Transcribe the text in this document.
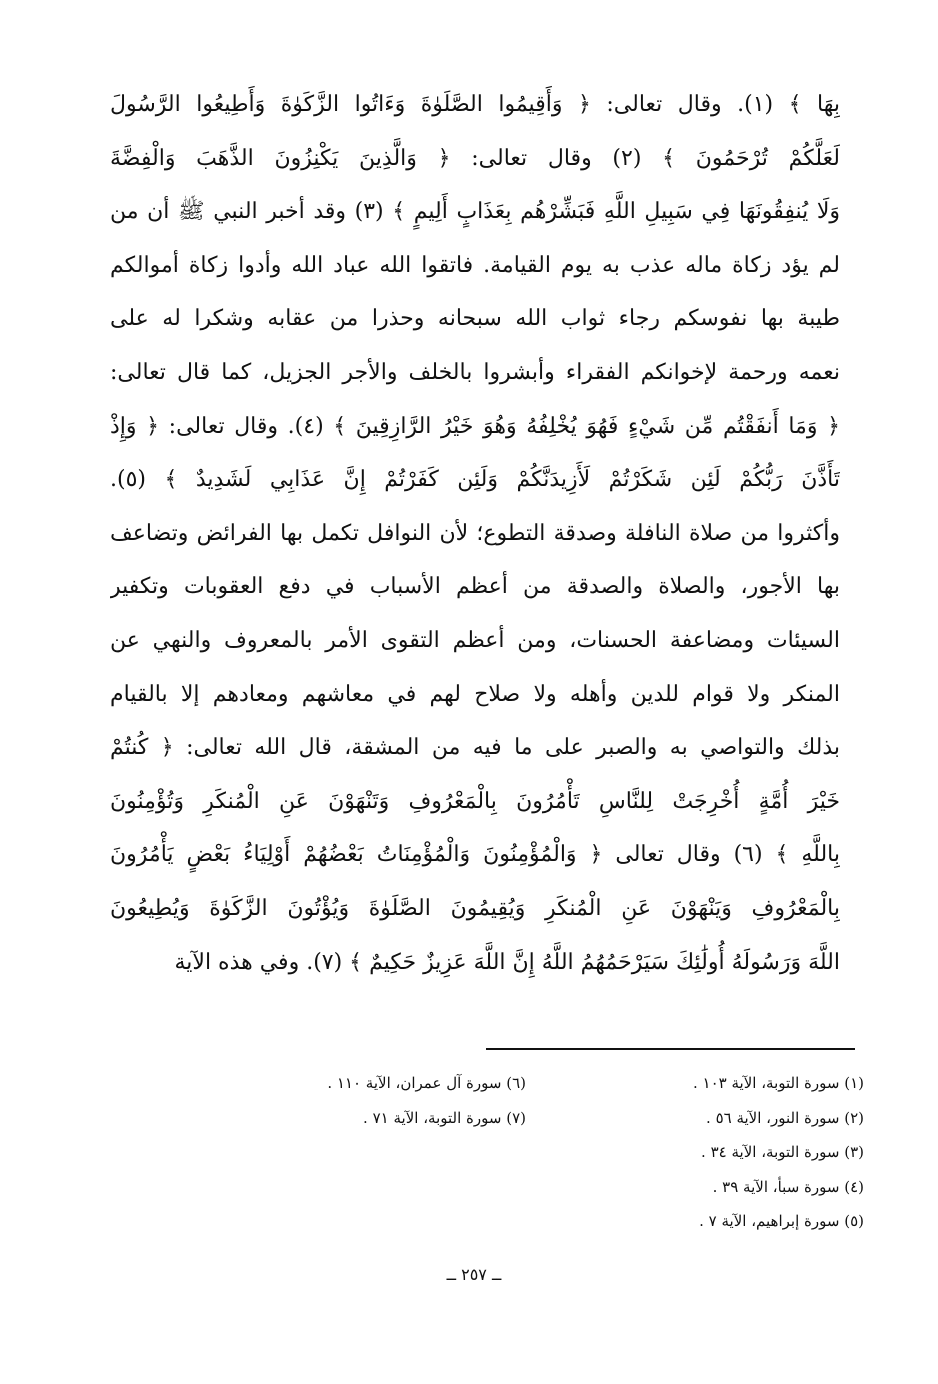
بِهَا ﴾ (١). وقال تعالى: ﴿ وَأَقِيمُوا الصَّلَوٰةَ وَءَاتُوا الزَّكَوٰةَ وَأَطِيعُوا الرَّسُولَ
لَعَلَّكُمْ تُرْحَمُونَ ﴾ (٢) وقال تعالى: ﴿ وَالَّذِينَ يَكْنِزُونَ الذَّهَبَ وَالْفِضَّةَ
وَلَا يُنفِقُونَهَا فِي سَبِيلِ اللَّهِ فَبَشِّرْهُم بِعَذَابٍ أَلِيمٍ ﴾ (٣) وقد أخبر النبي ﷺ أن من
لم يؤد زكاة ماله عذب به يوم القيامة. فاتقوا الله عباد الله وأدوا زكاة أموالكم
طيبة بها نفوسكم رجاء ثواب الله سبحانه وحذرا من عقابه وشكرا له على
نعمه ورحمة لإخوانكم الفقراء وأبشروا بالخلف والأجر الجزيل، كما قال تعالى:
﴿ وَمَا أَنفَقْتُم مِّن شَيْءٍ فَهُوَ يُخْلِفُهُ وَهُوَ خَيْرُ الرَّازِقِينَ ﴾ (٤). وقال تعالى: ﴿ وَإِذْ
تَأَذَّنَ رَبُّكُمْ لَئِن شَكَرْتُمْ لَأَزِيدَنَّكُمْ وَلَئِن كَفَرْتُمْ إِنَّ عَذَابِي لَشَدِيدٌ ﴾ (٥).
وأكثروا من صلاة النافلة وصدقة التطوع؛ لأن النوافل تكمل بها الفرائض وتضاعف
بها الأجور، والصلاة والصدقة من أعظم الأسباب في دفع العقوبات وتكفير
السيئات ومضاعفة الحسنات، ومن أعظم التقوى الأمر بالمعروف والنهي عن
المنكر ولا قوام للدين وأهله ولا صلاح لهم في معاشهم ومعادهم إلا بالقيام
بذلك والتواصي به والصبر على ما فيه من المشقة، قال الله تعالى: ﴿ كُنتُمْ
خَيْرَ أُمَّةٍ أُخْرِجَتْ لِلنَّاسِ تَأْمُرُونَ بِالْمَعْرُوفِ وَتَنْهَوْنَ عَنِ الْمُنكَرِ وَتُؤْمِنُونَ
بِاللَّهِ ﴾ (٦) وقال تعالى ﴿ وَالْمُؤْمِنُونَ وَالْمُؤْمِنَاتُ بَعْضُهُمْ أَوْلِيَاءُ بَعْضٍ يَأْمُرُونَ
بِالْمَعْرُوفِ وَيَنْهَوْنَ عَنِ الْمُنكَرِ وَيُقِيمُونَ الصَّلَوٰةَ وَيُؤْتُونَ الزَّكَوٰةَ وَيُطِيعُونَ
اللَّهَ وَرَسُولَهُ أُولَٰئِكَ سَيَرْحَمُهُمُ اللَّهُ إِنَّ اللَّهَ عَزِيزٌ حَكِيمٌ ﴾ (٧). وفي هذه الآية
(١) سورة التوبة، الآية ١٠٣ .
(٢) سورة النور، الآية ٥٦ .
(٣) سورة التوبة، الآية ٣٤ .
(٤) سورة سبأ، الآية ٣٩ .
(٥) سورة إبراهيم، الآية ٧ .
(٦) سورة آل عمران، الآية ١١٠ .
(٧) سورة التوبة، الآية ٧١ .
ــ ٢٥٧ ــ
